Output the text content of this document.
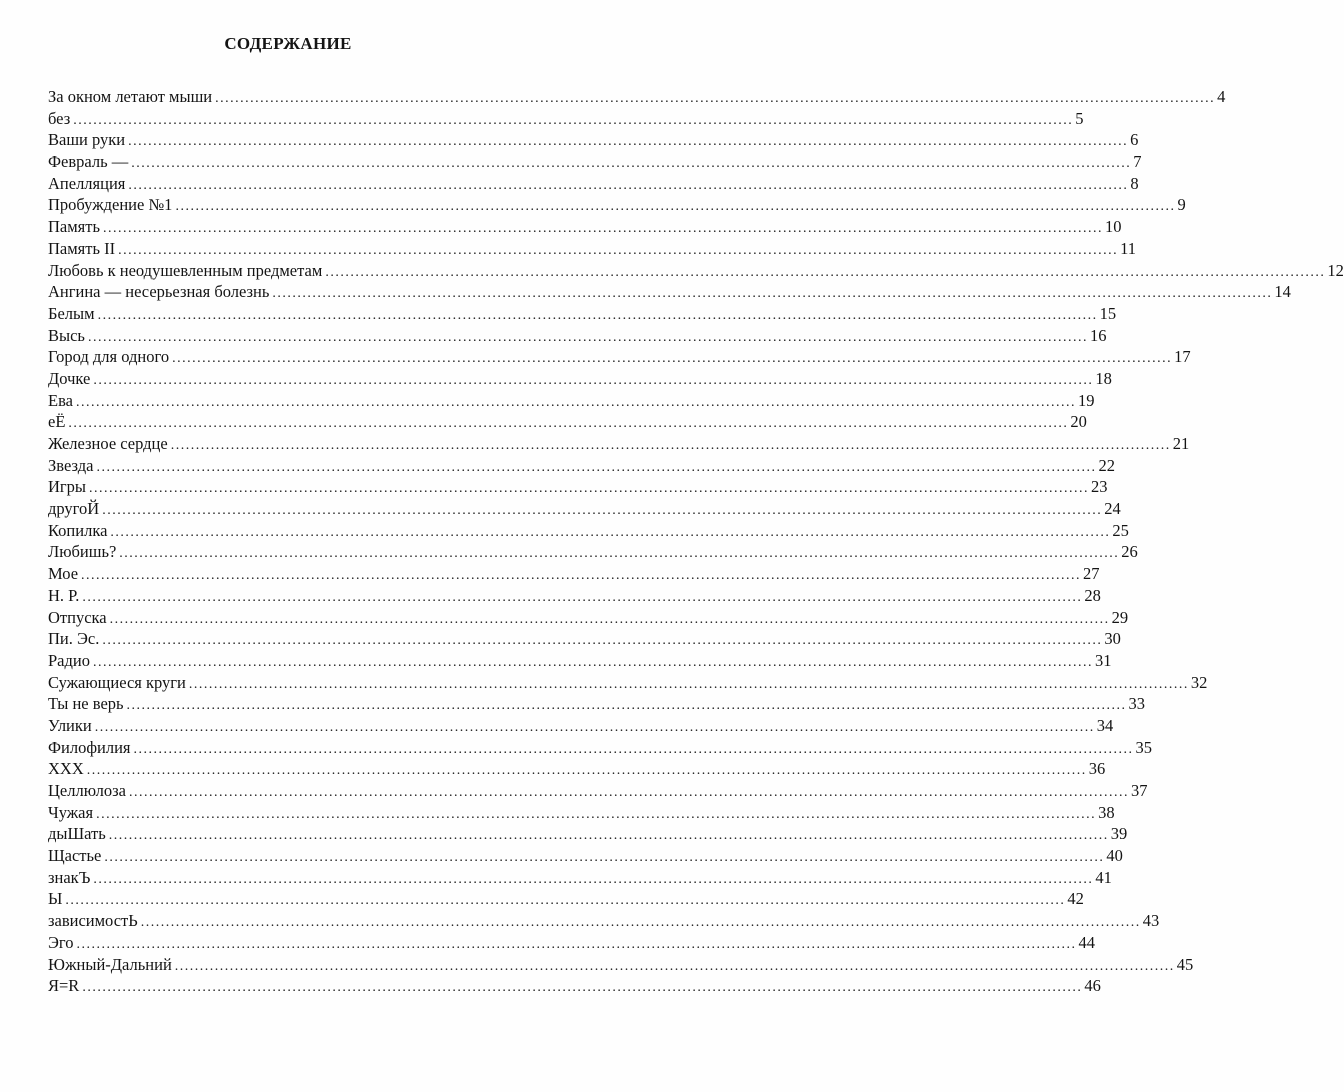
СОДЕРЖАНИЕ
За окном летают мыши ........................................................................................................................................................................................................ 4
без ........................................................................................................................................................................................................ 5
Ваши руки ........................................................................................................................................................................................................ 6
Февраль — ........................................................................................................................................................................................................ 7
Апелляция ........................................................................................................................................................................................................ 8
Пробуждение №1 ........................................................................................................................................................................................................ 9
Память ........................................................................................................................................................................................................ 10
Память II ........................................................................................................................................................................................................ 11
Любовь к неодушевленным предметам ........................................................................................................................................................................................................ 12
Ангина — несерьезная болезнь ........................................................................................................................................................................................................ 14
Белым ........................................................................................................................................................................................................ 15
Высь ........................................................................................................................................................................................................ 16
Город для одного ........................................................................................................................................................................................................ 17
Дочке ........................................................................................................................................................................................................ 18
Ева ........................................................................................................................................................................................................ 19
еЁ ........................................................................................................................................................................................................ 20
Железное сердце ........................................................................................................................................................................................................ 21
Звезда ........................................................................................................................................................................................................ 22
Игры ........................................................................................................................................................................................................ 23
другоЙ ........................................................................................................................................................................................................ 24
Копилка ........................................................................................................................................................................................................ 25
Любишь? ........................................................................................................................................................................................................ 26
Мое ........................................................................................................................................................................................................ 27
Н. Р. ........................................................................................................................................................................................................ 28
Отпуска ........................................................................................................................................................................................................ 29
Пи. Эс. ........................................................................................................................................................................................................ 30
Радио ........................................................................................................................................................................................................ 31
Сужающиеся круги ........................................................................................................................................................................................................ 32
Ты не верь ........................................................................................................................................................................................................ 33
Улики ........................................................................................................................................................................................................ 34
Филофилия ........................................................................................................................................................................................................ 35
XXX ........................................................................................................................................................................................................ 36
Целлюлоза ........................................................................................................................................................................................................ 37
Чужая ........................................................................................................................................................................................................ 38
дыШать ........................................................................................................................................................................................................ 39
Щастье ........................................................................................................................................................................................................ 40
знакЪ ........................................................................................................................................................................................................ 41
Ы ........................................................................................................................................................................................................ 42
зависимостЬ ........................................................................................................................................................................................................ 43
Эго ........................................................................................................................................................................................................ 44
Южный-Дальний ........................................................................................................................................................................................................ 45
Я=R ........................................................................................................................................................................................................ 46
